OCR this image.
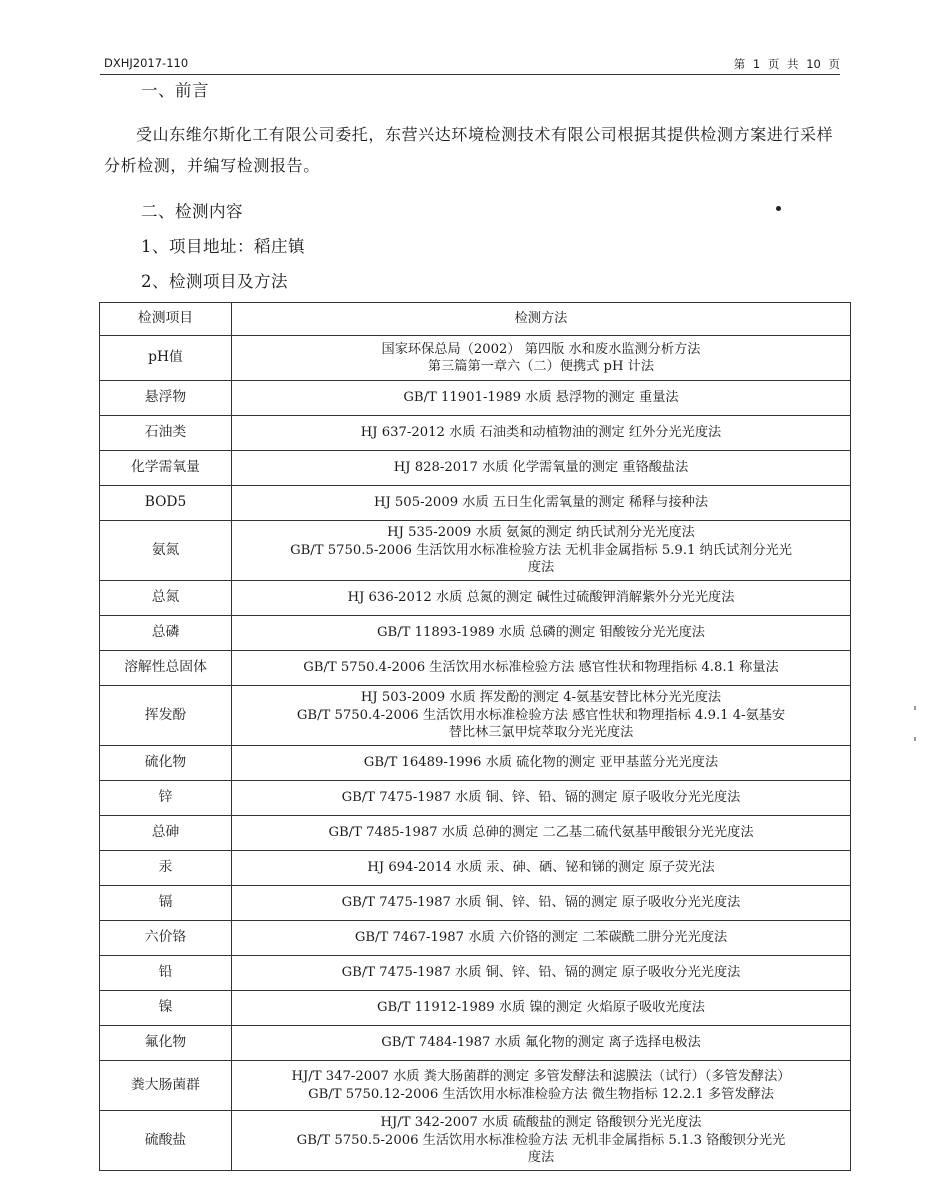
DXHJ2017-110	第 1 页 共 10 页
一、前言
受山东维尔斯化工有限公司委托，东营兴达环境检测技术有限公司根据其提供检测方案进行采样分析检测，并编写检测报告。
二、检测内容
1、项目地址：稻庄镇
2、检测项目及方法
检测项目	检测方法
pH值	国家环保总局（2002） 第四版 水和废水监测分析方法
第三篇第一章六（二）便携式 pH 计法

悬浮物	GB/T 11901-1989 水质 悬浮物的测定 重量法

石油类	HJ 637-2012 水质 石油类和动植物油的测定 红外分光光度法

化学需氧量	HJ 828-2017 水质 化学需氧量的测定 重铬酸盐法

BOD5	HJ 505-2009 水质 五日生化需氧量的测定 稀释与接种法

氨氮	HJ 535-2009 水质 氨氮的测定 纳氏试剂分光光度法
GB/T 5750.5-2006 生活饮用水标准检验方法 无机非金属指标 5.9.1 纳氏试剂分光光
度法

总氮	HJ 636-2012 水质 总氮的测定 碱性过硫酸钾消解紫外分光光度法

总磷	GB/T 11893-1989 水质 总磷的测定 钼酸铵分光光度法

溶解性总固体	GB/T 5750.4-2006 生活饮用水标准检验方法 感官性状和物理指标 4.8.1 称量法

挥发酚	HJ 503-2009 水质 挥发酚的测定 4-氨基安替比林分光光度法
GB/T 5750.4-2006 生活饮用水标准检验方法 感官性状和物理指标 4.9.1 4-氨基安
替比林三氯甲烷萃取分光光度法

硫化物	GB/T 16489-1996 水质 硫化物的测定 亚甲基蓝分光光度法

锌	GB/T 7475-1987 水质 铜、锌、铅、镉的测定 原子吸收分光光度法

总砷	GB/T 7485-1987 水质 总砷的测定 二乙基二硫代氨基甲酸银分光光度法

汞	HJ 694-2014 水质 汞、砷、硒、铋和锑的测定 原子荧光法

镉	GB/T 7475-1987 水质 铜、锌、铅、镉的测定 原子吸收分光光度法

六价铬	GB/T 7467-1987 水质 六价铬的测定 二苯碳酰二肼分光光度法

铅	GB/T 7475-1987 水质 铜、锌、铅、镉的测定 原子吸收分光光度法

镍	GB/T 11912-1989 水质 镍的测定 火焰原子吸收光度法

氟化物	GB/T 7484-1987 水质 氟化物的测定 离子选择电极法

粪大肠菌群	HJ/T 347-2007 水质 粪大肠菌群的测定 多管发酵法和滤膜法（试行）（多管发酵法）
GB/T 5750.12-2006 生活饮用水标准检验方法 微生物指标 12.2.1 多管发酵法

硫酸盐	HJ/T 342-2007 水质 硫酸盐的测定 铬酸钡分光光度法
GB/T 5750.5-2006 生活饮用水标准检验方法 无机非金属指标 5.1.3 铬酸钡分光光
度法
